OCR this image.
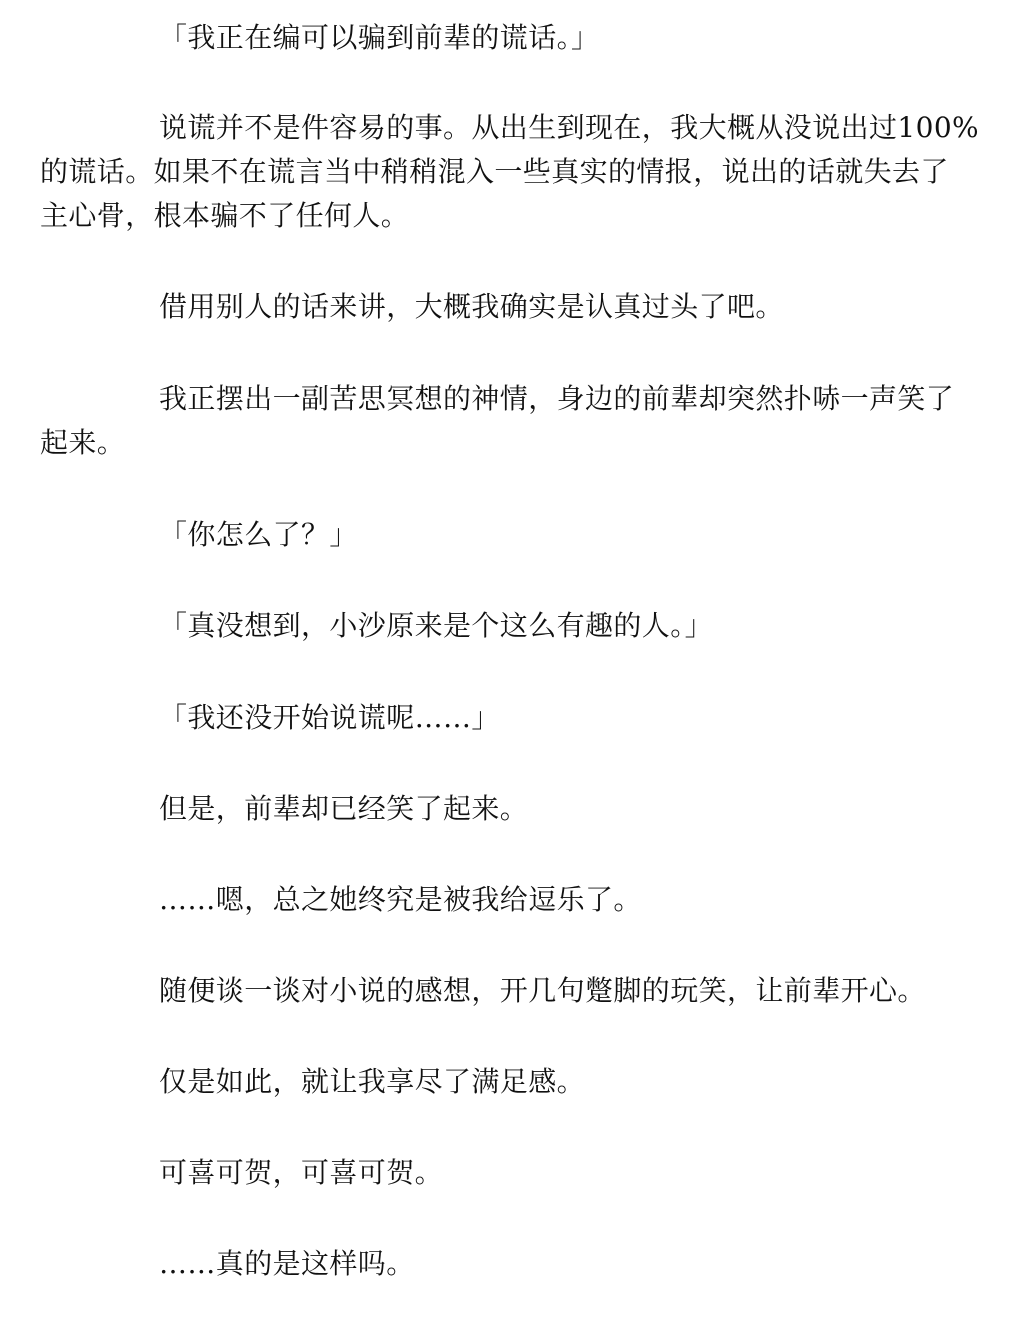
「我正在编可以骗到前辈的谎话。」

说谎并不是件容易的事。从出生到现在，我大概从没说出过100%
的谎话。如果不在谎言当中稍稍混入一些真实的情报，说出的话就失去了
主心骨，根本骗不了任何人。

借用别人的话来讲，大概我确实是认真过头了吧。

我正摆出一副苦思冥想的神情，身边的前辈却突然扑哧一声笑了
起来。

「你怎么了？」

「真没想到，小沙原来是个这么有趣的人。」

「我还没开始说谎呢……」

但是，前辈却已经笑了起来。

……嗯，总之她终究是被我给逗乐了。

随便谈一谈对小说的感想，开几句蹩脚的玩笑，让前辈开心。

仅是如此，就让我享尽了满足感。

可喜可贺，可喜可贺。

……真的是这样吗。
